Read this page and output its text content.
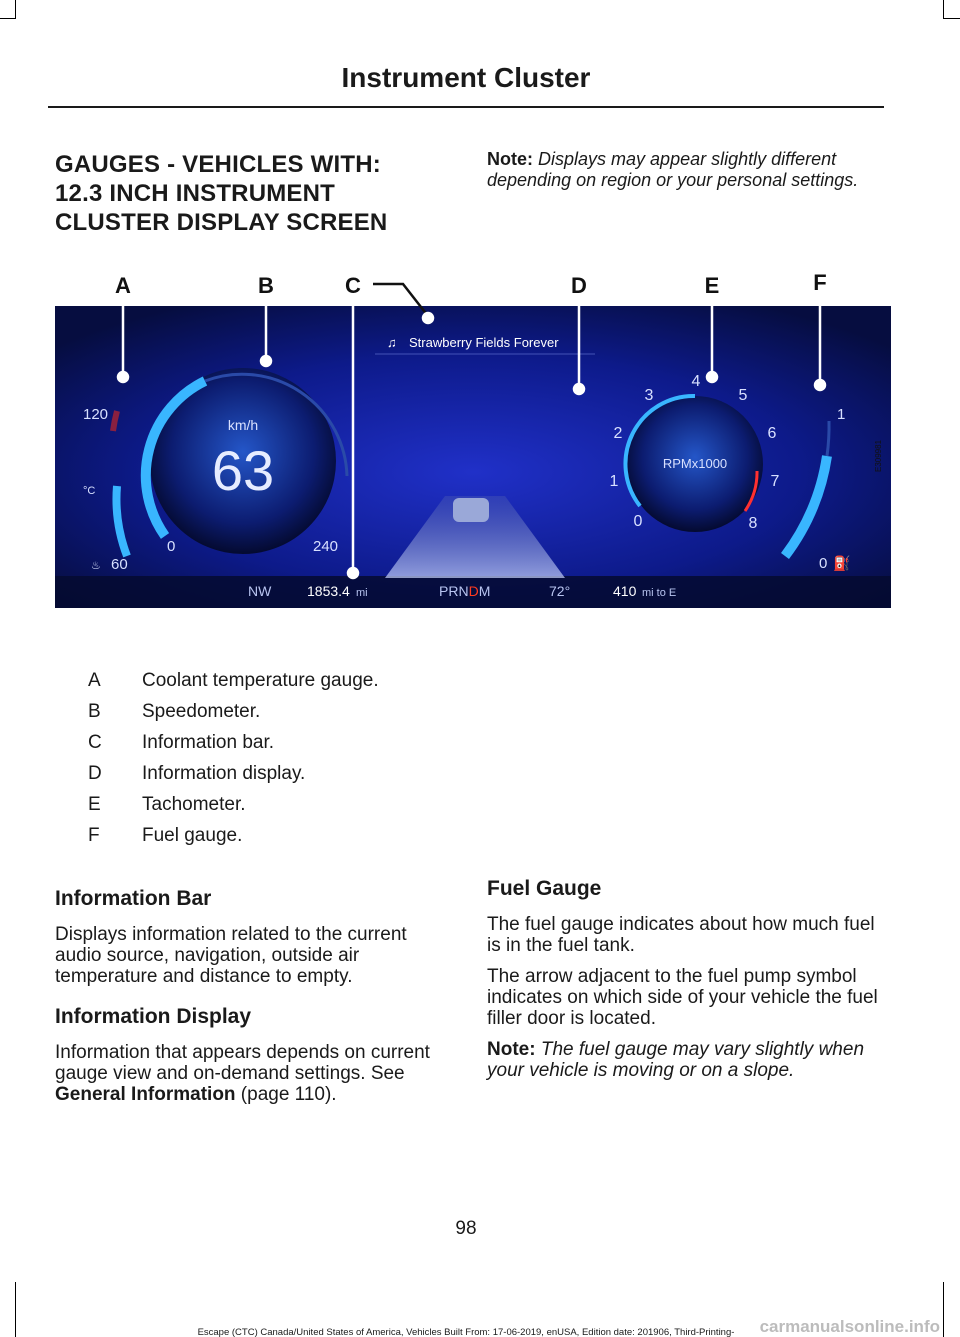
Instrument Cluster
GAUGES - VEHICLES WITH:
12.3 INCH INSTRUMENT
CLUSTER DISPLAY SCREEN
Note: Displays may appear slightly different depending on region or your personal settings.
A	B	C	D	E	F
120
°C
♨ 60
km/h
63
0	240
♫ Strawberry Fields Forever
RPMx1000
0
1
2
3
4
5
6
7
8
1
0 ⛽
NW	1853.4 mi	PRNDM	72°	410 mi to E
E309981
A	Coolant temperature gauge.
B	Speedometer.
C	Information bar.
D	Information display.
E	Tachometer.
F	Fuel gauge.
Information Bar
Displays information related to the current audio source, navigation, outside air temperature and distance to empty.
Information Display
Information that appears depends on current gauge view and on-demand settings. See General Information (page 110).
Fuel Gauge
The fuel gauge indicates about how much fuel is in the fuel tank.
The arrow adjacent to the fuel pump symbol indicates on which side of your vehicle the fuel filler door is located.
Note: The fuel gauge may vary slightly when your vehicle is moving or on a slope.
98
Escape (CTC) Canada/United States of America, Vehicles Built From: 17-06-2019, enUSA, Edition date: 201906, Third-Printing-	carmanualsonline.info
